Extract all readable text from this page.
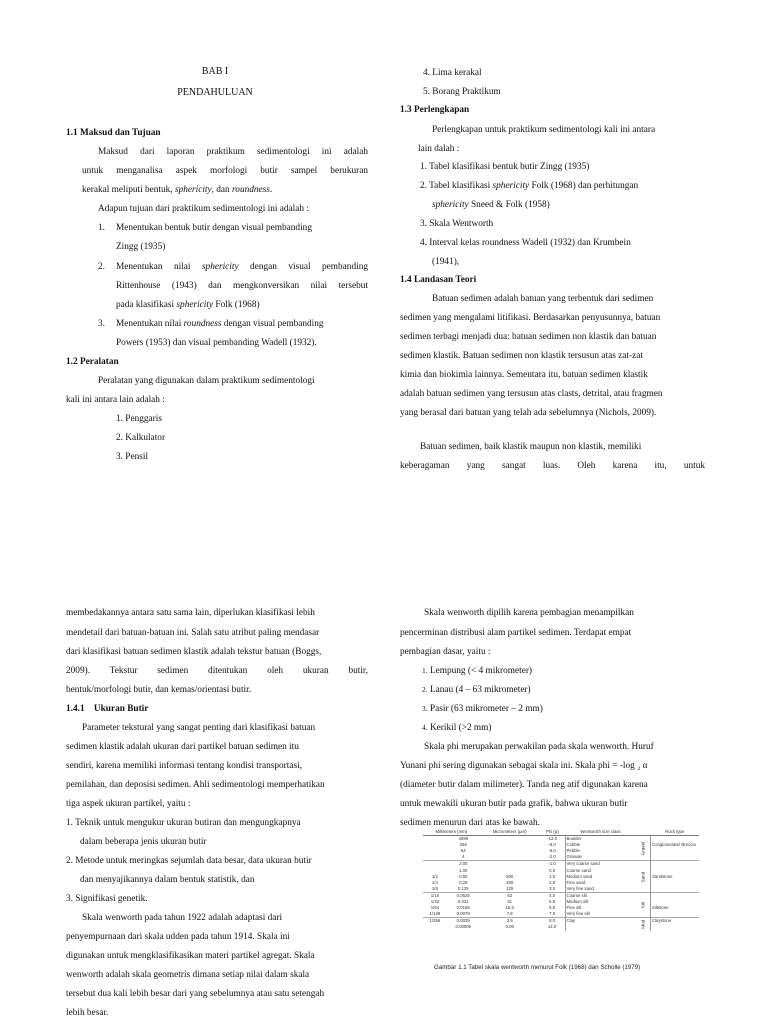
BAB I
PENDAHULUAN
1.1 Maksud dan Tujuan
Maksud dari laporan praktikum sedimentologi ini adalah
untuk menganalisa aspek morfologi butir sampel berukuran
kerakal meliputi bentuk, sphericity, dan roundness.
Adapun tujuan dari praktikum sedimentologi ini adalah :
1. Menentukan bentuk butir dengan visual pembanding
Zingg (1935)
2. Menentukan nilai sphericity dengan visual pembanding
Rittenhouse (1943) dan mengkonversikan nilai tersebut
pada klasifikasi sphericity Folk (1968)
3. Menentukan nilai roundness dengan visual pembanding
Powers (1953) dan visual pembanding Wadell (1932).
1.2 Peralatan
Peralatan yang digunakan dalam praktikum sedimentologi
kali ini antara lain adalah :
1. Penggaris
2. Kalkulator
3. Pensil
4. Lima kerakal
5. Borang Praktikum
1.3 Perlengkapan
Perlengkapan untuk praktikum sedimentologi kali ini antara
lain dalah :
1. Tabel klasifikasi bentuk butir Zingg (1935)
2. Tabel klasifikasi sphericity Folk (1968) dan perhitungan
sphericity Sneed & Folk (1958)
3. Skala Wentworth
4. Interval kelas roundness Wadell (1932) dan Krumbein
(1941),
1.4 Landasan Teori
Batuan sedimen adalah batuan yang terbentuk dari sedimen
sedimen yang mengalami litifikasi. Berdasarkan penyusunnya, batuan
sedimen terbagi menjadi dua: batuan sedimen non klastik dan batuan
sedimen klastik. Batuan sedimen non klastik tersusun atas zat-zat
kimia dan biokimia lainnya. Sementara itu, batuan sedimen klastik
adalah batuan sedimen yang tersusun atas clasts, detrital, atau fragmen
yang berasal dari batuan yang telah ada sebelumnya (Nichols, 2009).
Batuan sedimen, baik klastik maupun non klastik, memiliki
keberagaman yang sangat luas. Oleh karena itu, untuk
membedakannya antara satu sama lain, diperlukan klasifikasi lebih
mendetail dari batuan-batuan ini. Salah satu atribut paling mendasar
dari klasifikasi batuan sedimen klastik adalah tekstur batuan (Boggs,
2009). Tekstur sedimen ditentukan oleh ukuran butir,
bentuk/morfologi butir, dan kemas/orientasi butir.
1.4.1    Ukuran Butir
Parameter tekstural yang sangat penting dari klasifikasi batuan
sedimen klastik adalah ukuran dari partikel batuan sedimen itu
sendiri, karena memiliki informasi tentang kondisi transportasi,
pemilahan, dan deposisi sedimen. Ahli sedimentologi memperhatikan
tiga aspek ukuran partikel, yaitu :
1. Teknik untuk mengukur ukuran butiran dan mengungkapnya
dalam beberapa jenis ukuran butir
2. Metode untuk meringkas sejumlah data besar, data ukuran butir
dan menyajikannya dalam bentuk statistik, dan
3. Signifikasi genetik.
Skala wenworth pada tahun 1922 adalah adaptasi dari
penyempurnaan dari skala udden pada tahun 1914. Skala ini
digunakan untuk mengklasifikasikan materi partikel agregat. Skala
wenworth adalah skala geometris dimana setiap nilai dalam skala
tersebut dua kali lebih besar dari yang sebelumnya atau satu setengah
lebih besar.
Skala wenworth dipilih karena pembagian menampilkan
pencerminan distribusi alam partikel sedimen. Terdapat empat
pembagian dasar, yaitu :
1. Lempung (< 4 mikrometer)
2. Lanau (4 – 63 mikrometer)
3. Pasir (63 mikrometer – 2 mm)
4. Kerikil (>2 mm)
Skala phi merupakan perwakilan pada skala wenworth. Huruf
Yunani phi sering digunakan sebagai skala ini. Skala phi = -log ₂ α
(diameter butir dalam milimeter). Tanda neg atif digunakan karena
untuk mewakili ukuran butir pada grafik, bahwa ukuran butir
sedimen menurun dari atas ke bawah.
Millimeters (mm)		Micrometers (µm)	Phi (φ)	Wentworth size class		Rock type
	4096		-12.0	Boulder	Gravel	
	256		-8.0	Cobble		Conglomerate/ Breccia
	64		-6.0	Pebble		
	4		-2.0	Granule		
	2.00		-1.0	Very coarse sand	Sand	
	1.00		0.0	Coarse sand		
1/2	0.50	500	1.0	Medium sand		Sandstone
1/4	0.25	250	2.0	Fine sand		
1/8	0.125	125	3.0	Very fine sand		
1/16	0.0625	63	4.0	Coarse silt	Silt	
1/32	0.031	31	5.0	Medium silt		
1/64	0.0156	15.6	6.0	Fine silt		Siltstone
1/128	0.0078	7.8	7.0	Very fine silt		
1/256	0.0039	3.9	8.0	Clay	Mud	Claystone
	0.00006	0.06	14.0			
Gambar 1.1 Tabel skala wentworth menurut Folk (1968) dan Scholle (1979)
